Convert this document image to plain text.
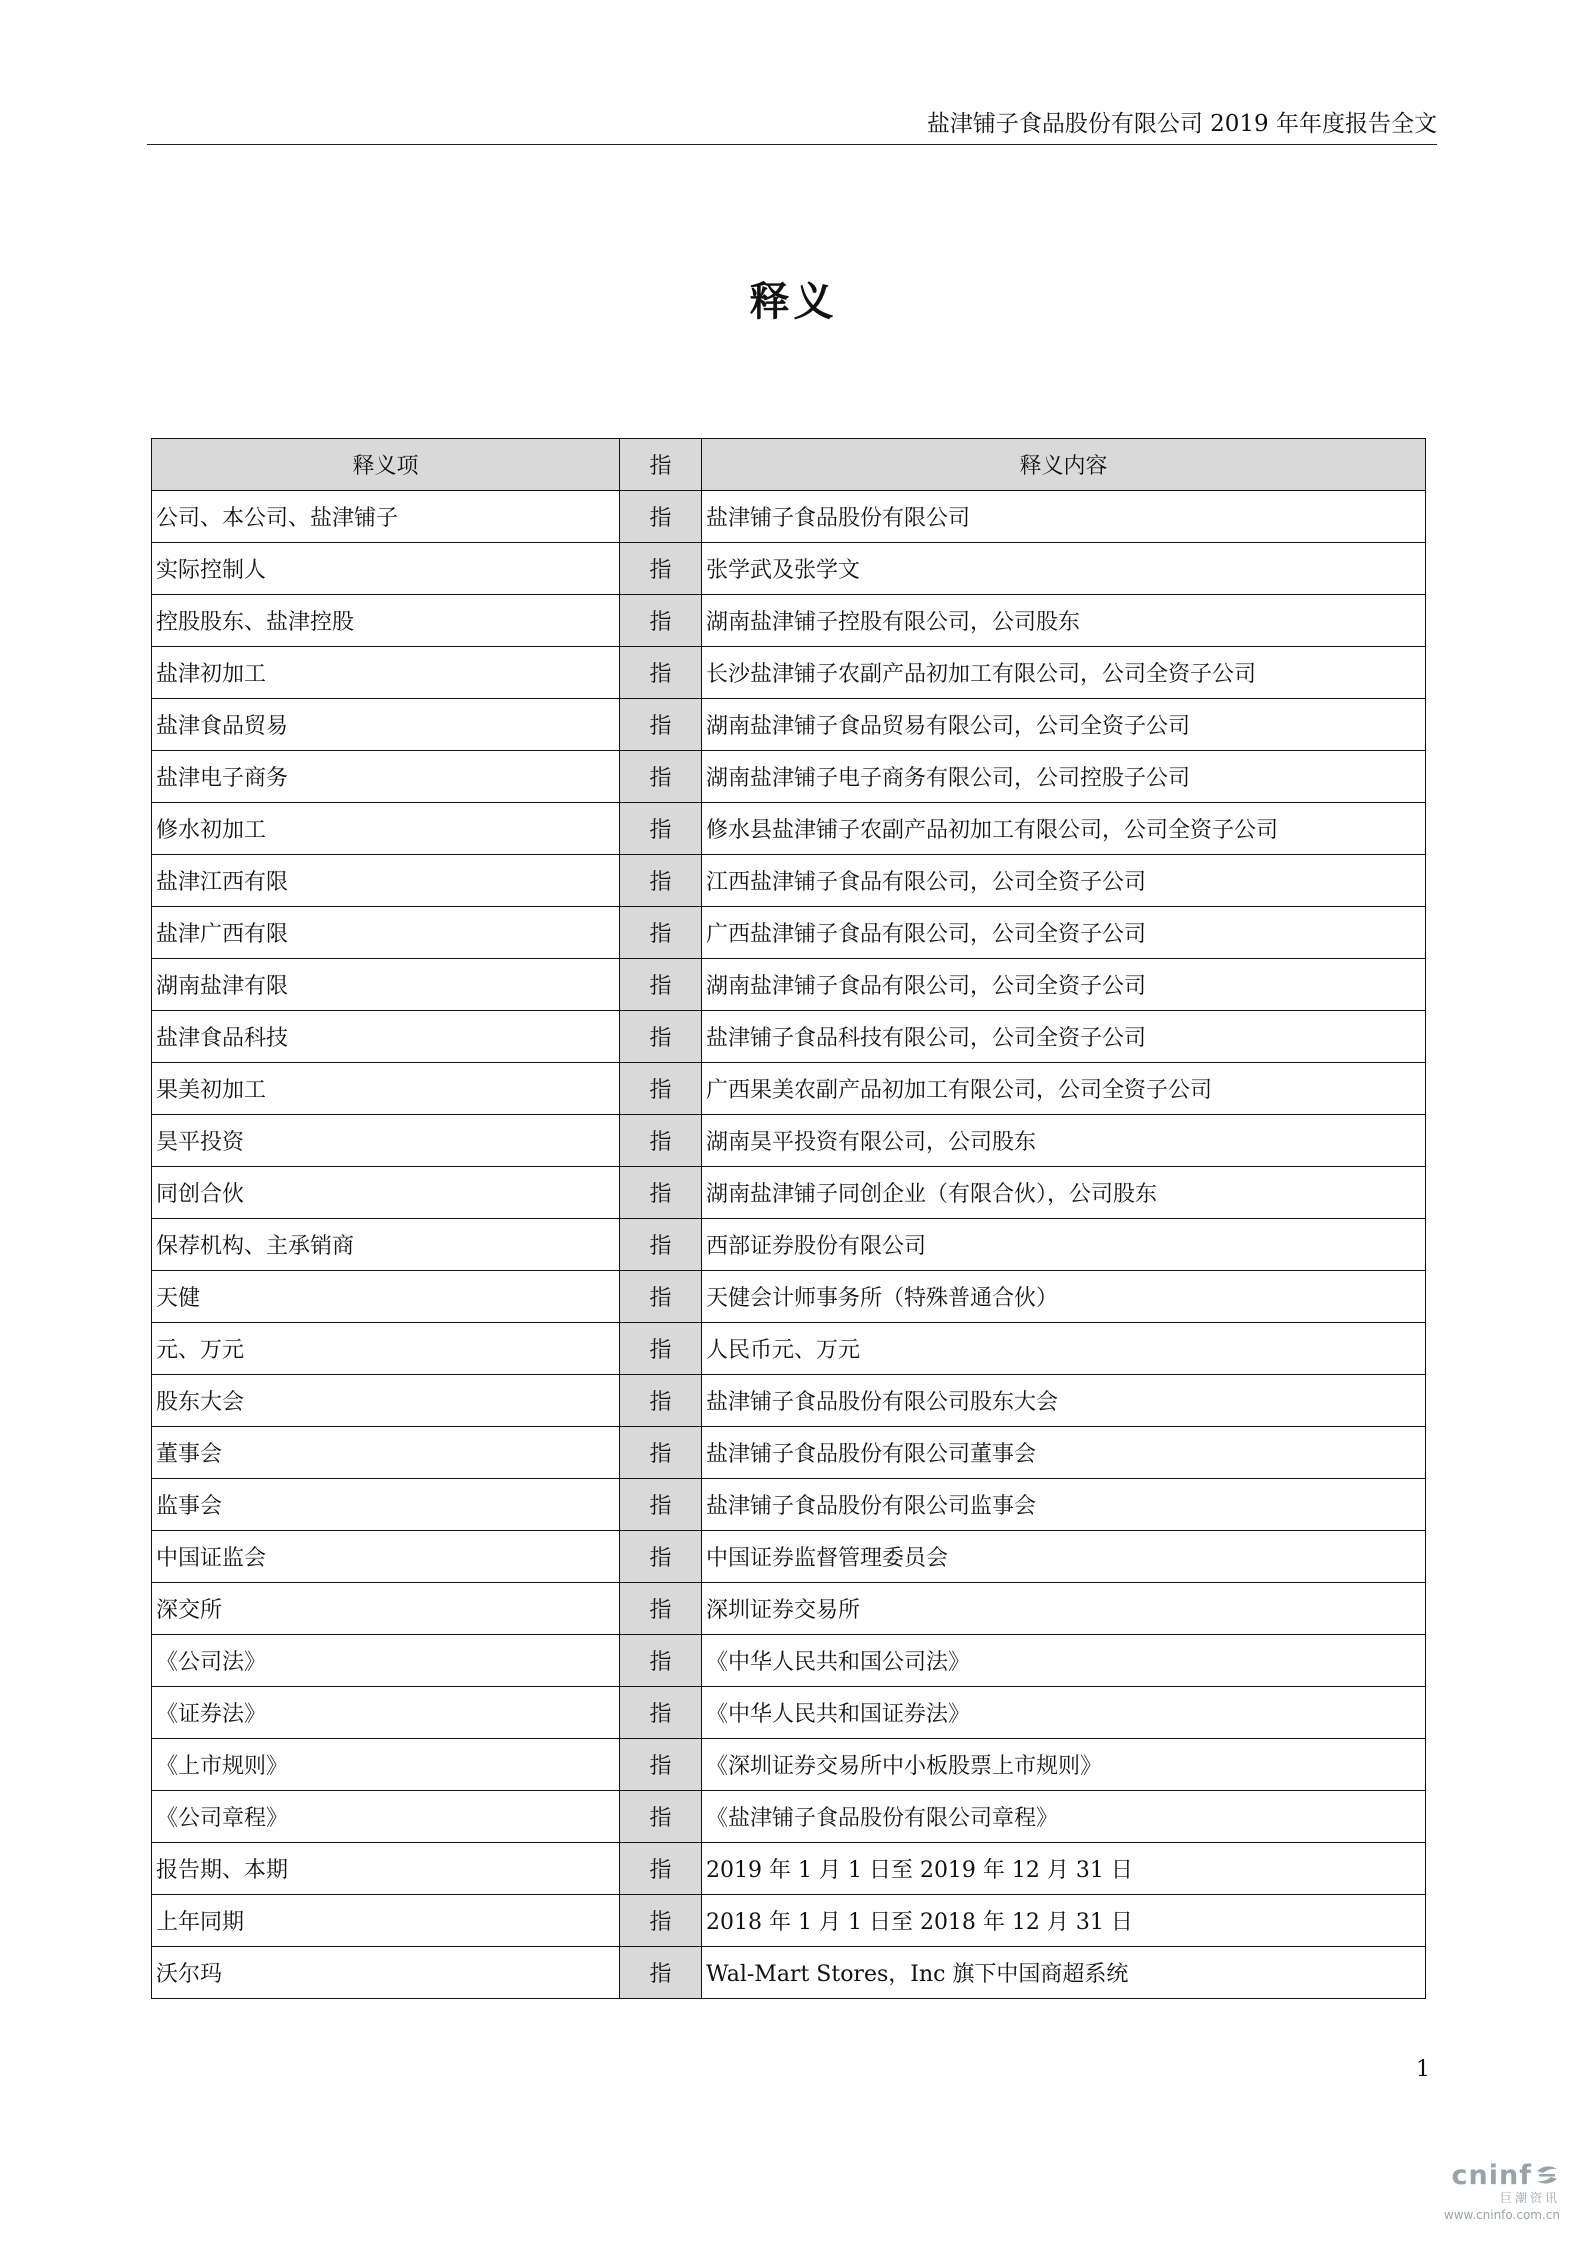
盐津铺子食品股份有限公司 2019 年年度报告全文
释义
释义项	指	释义内容
公司、本公司、盐津铺子	指	盐津铺子食品股份有限公司
实际控制人	指	张学武及张学文
控股股东、盐津控股	指	湖南盐津铺子控股有限公司，公司股东
盐津初加工	指	长沙盐津铺子农副产品初加工有限公司，公司全资子公司
盐津食品贸易	指	湖南盐津铺子食品贸易有限公司，公司全资子公司
盐津电子商务	指	湖南盐津铺子电子商务有限公司，公司控股子公司
修水初加工	指	修水县盐津铺子农副产品初加工有限公司，公司全资子公司
盐津江西有限	指	江西盐津铺子食品有限公司，公司全资子公司
盐津广西有限	指	广西盐津铺子食品有限公司，公司全资子公司
湖南盐津有限	指	湖南盐津铺子食品有限公司，公司全资子公司
盐津食品科技	指	盐津铺子食品科技有限公司，公司全资子公司
果美初加工	指	广西果美农副产品初加工有限公司，公司全资子公司
昊平投资	指	湖南昊平投资有限公司，公司股东
同创合伙	指	湖南盐津铺子同创企业（有限合伙），公司股东
保荐机构、主承销商	指	西部证券股份有限公司
天健	指	天健会计师事务所（特殊普通合伙）
元、万元	指	人民币元、万元
股东大会	指	盐津铺子食品股份有限公司股东大会
董事会	指	盐津铺子食品股份有限公司董事会
监事会	指	盐津铺子食品股份有限公司监事会
中国证监会	指	中国证券监督管理委员会
深交所	指	深圳证券交易所
《公司法》	指	《中华人民共和国公司法》
《证券法》	指	《中华人民共和国证券法》
《上市规则》	指	《深圳证券交易所中小板股票上市规则》
《公司章程》	指	《盐津铺子食品股份有限公司章程》
报告期、本期	指	2019 年 1 月 1 日至 2019 年 12 月 31 日
上年同期	指	2018 年 1 月 1 日至 2018 年 12 月 31 日
沃尔玛	指	Wal-Mart Stores，Inc 旗下中国商超系统
1
cninf
巨潮资讯
www.cninfo.com.cn
